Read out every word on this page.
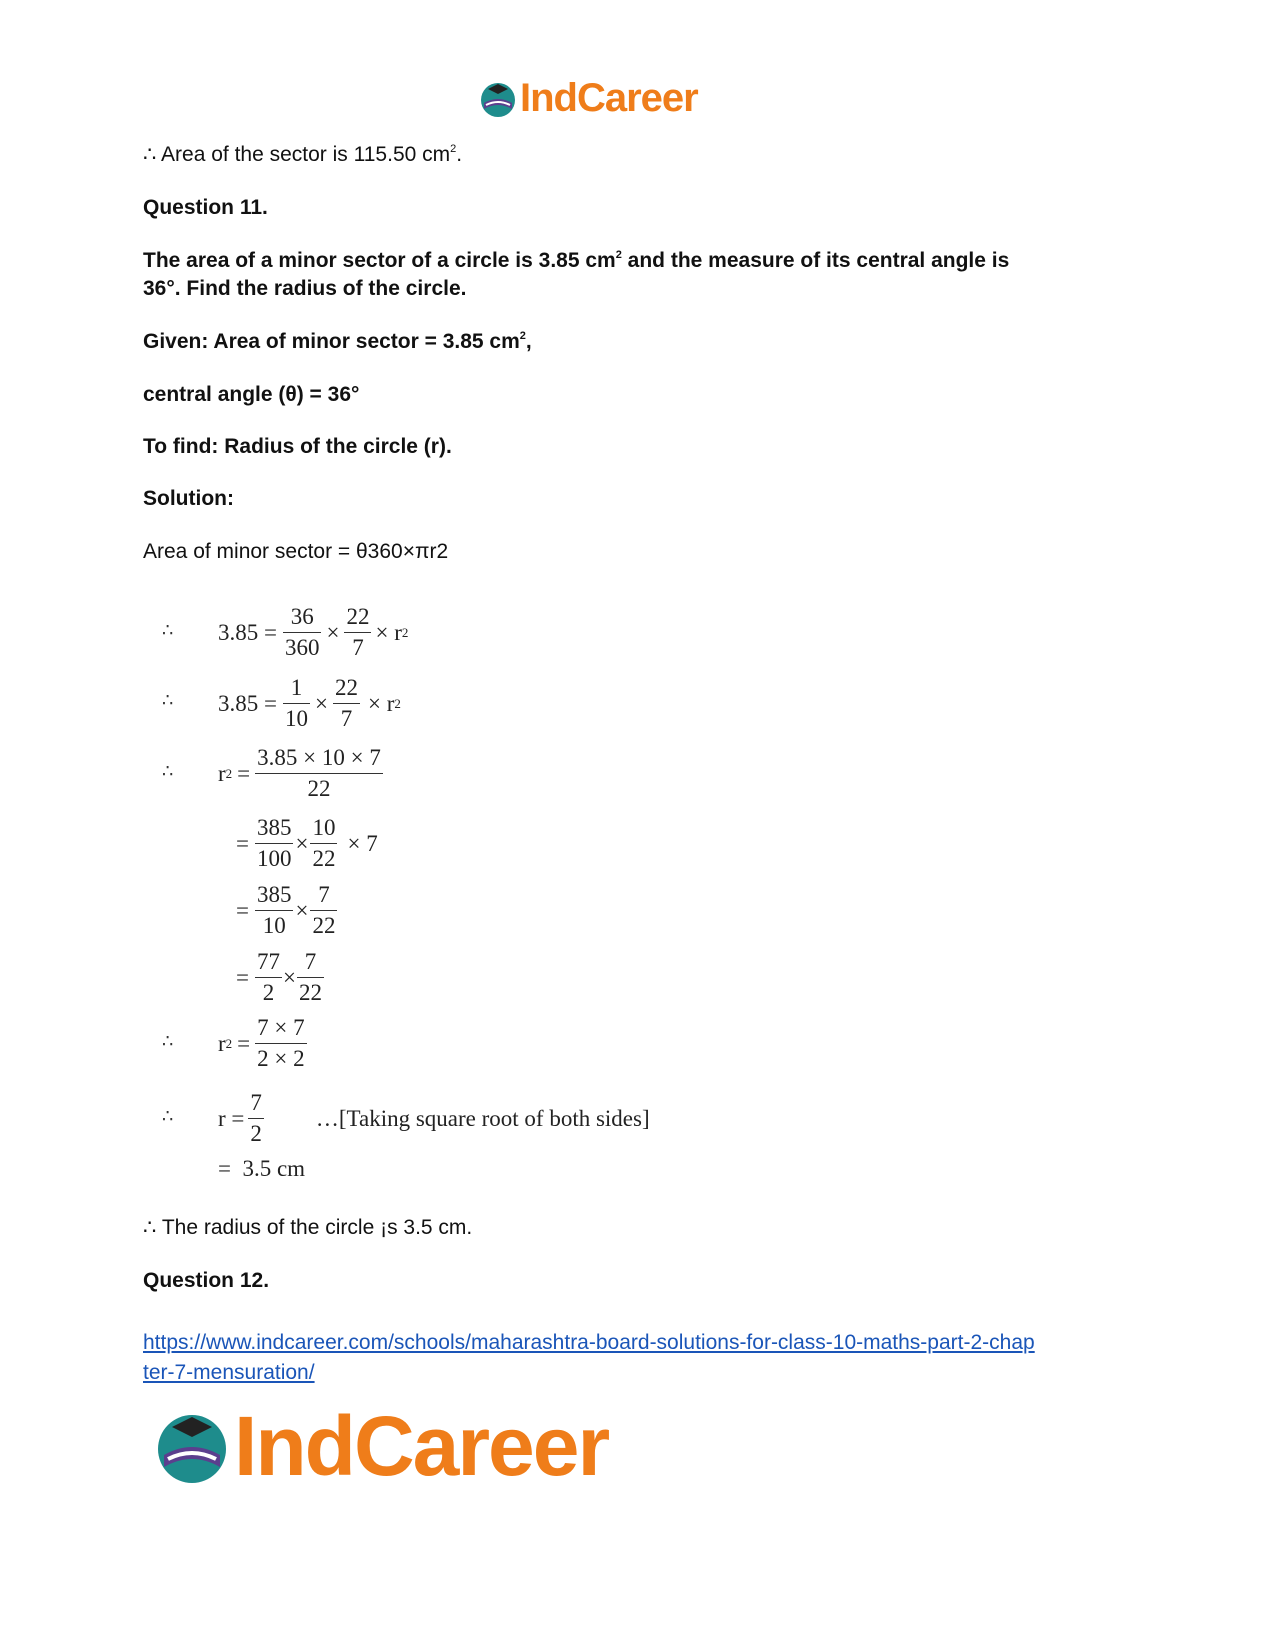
IndCareer
∴ Area of the sector is 115.50 $cm^2$.
Question 11.
The area of a minor sector of a circle is 3.85 $cm^2$ and the measure of its central angle is
36°. Find the radius of the circle.
Given: Area of minor sector = 3.85 $cm^2$,
central angle (θ) = 36°
To find: Radius of the circle (r).
Solution:
Area of minor sector = θ360×πr2
∴ $3.85 = \frac{36}{360} \times \frac{22}{7} \times r$ 2
∴ $3.85 = \frac{1}{10} \times \frac{22}{7} \times r$ 2
∴ r $2 = \frac{3.85 \times 10 \times 7}{22}$
= $\frac{385}{100} \times \frac{10}{22} \times 7$
= $\frac{385}{10} \times \frac{7}{22}$
= $\frac{77}{2} \times \frac{7}{22}$
∴ r $2 = \frac{7 \times 7}{2 \times 2}$
∴ $r = \frac{7}{2}$ …[Taking square root of both sides]
=  3.5 cm
∴ The radius of the circle ¡s 3.5 cm.
Question 12.
https://www.indcareer.com/schools/maharashtra-board-solutions-for-class-10-maths-part-2-chap
ter-7-mensuration/
IndCareer
